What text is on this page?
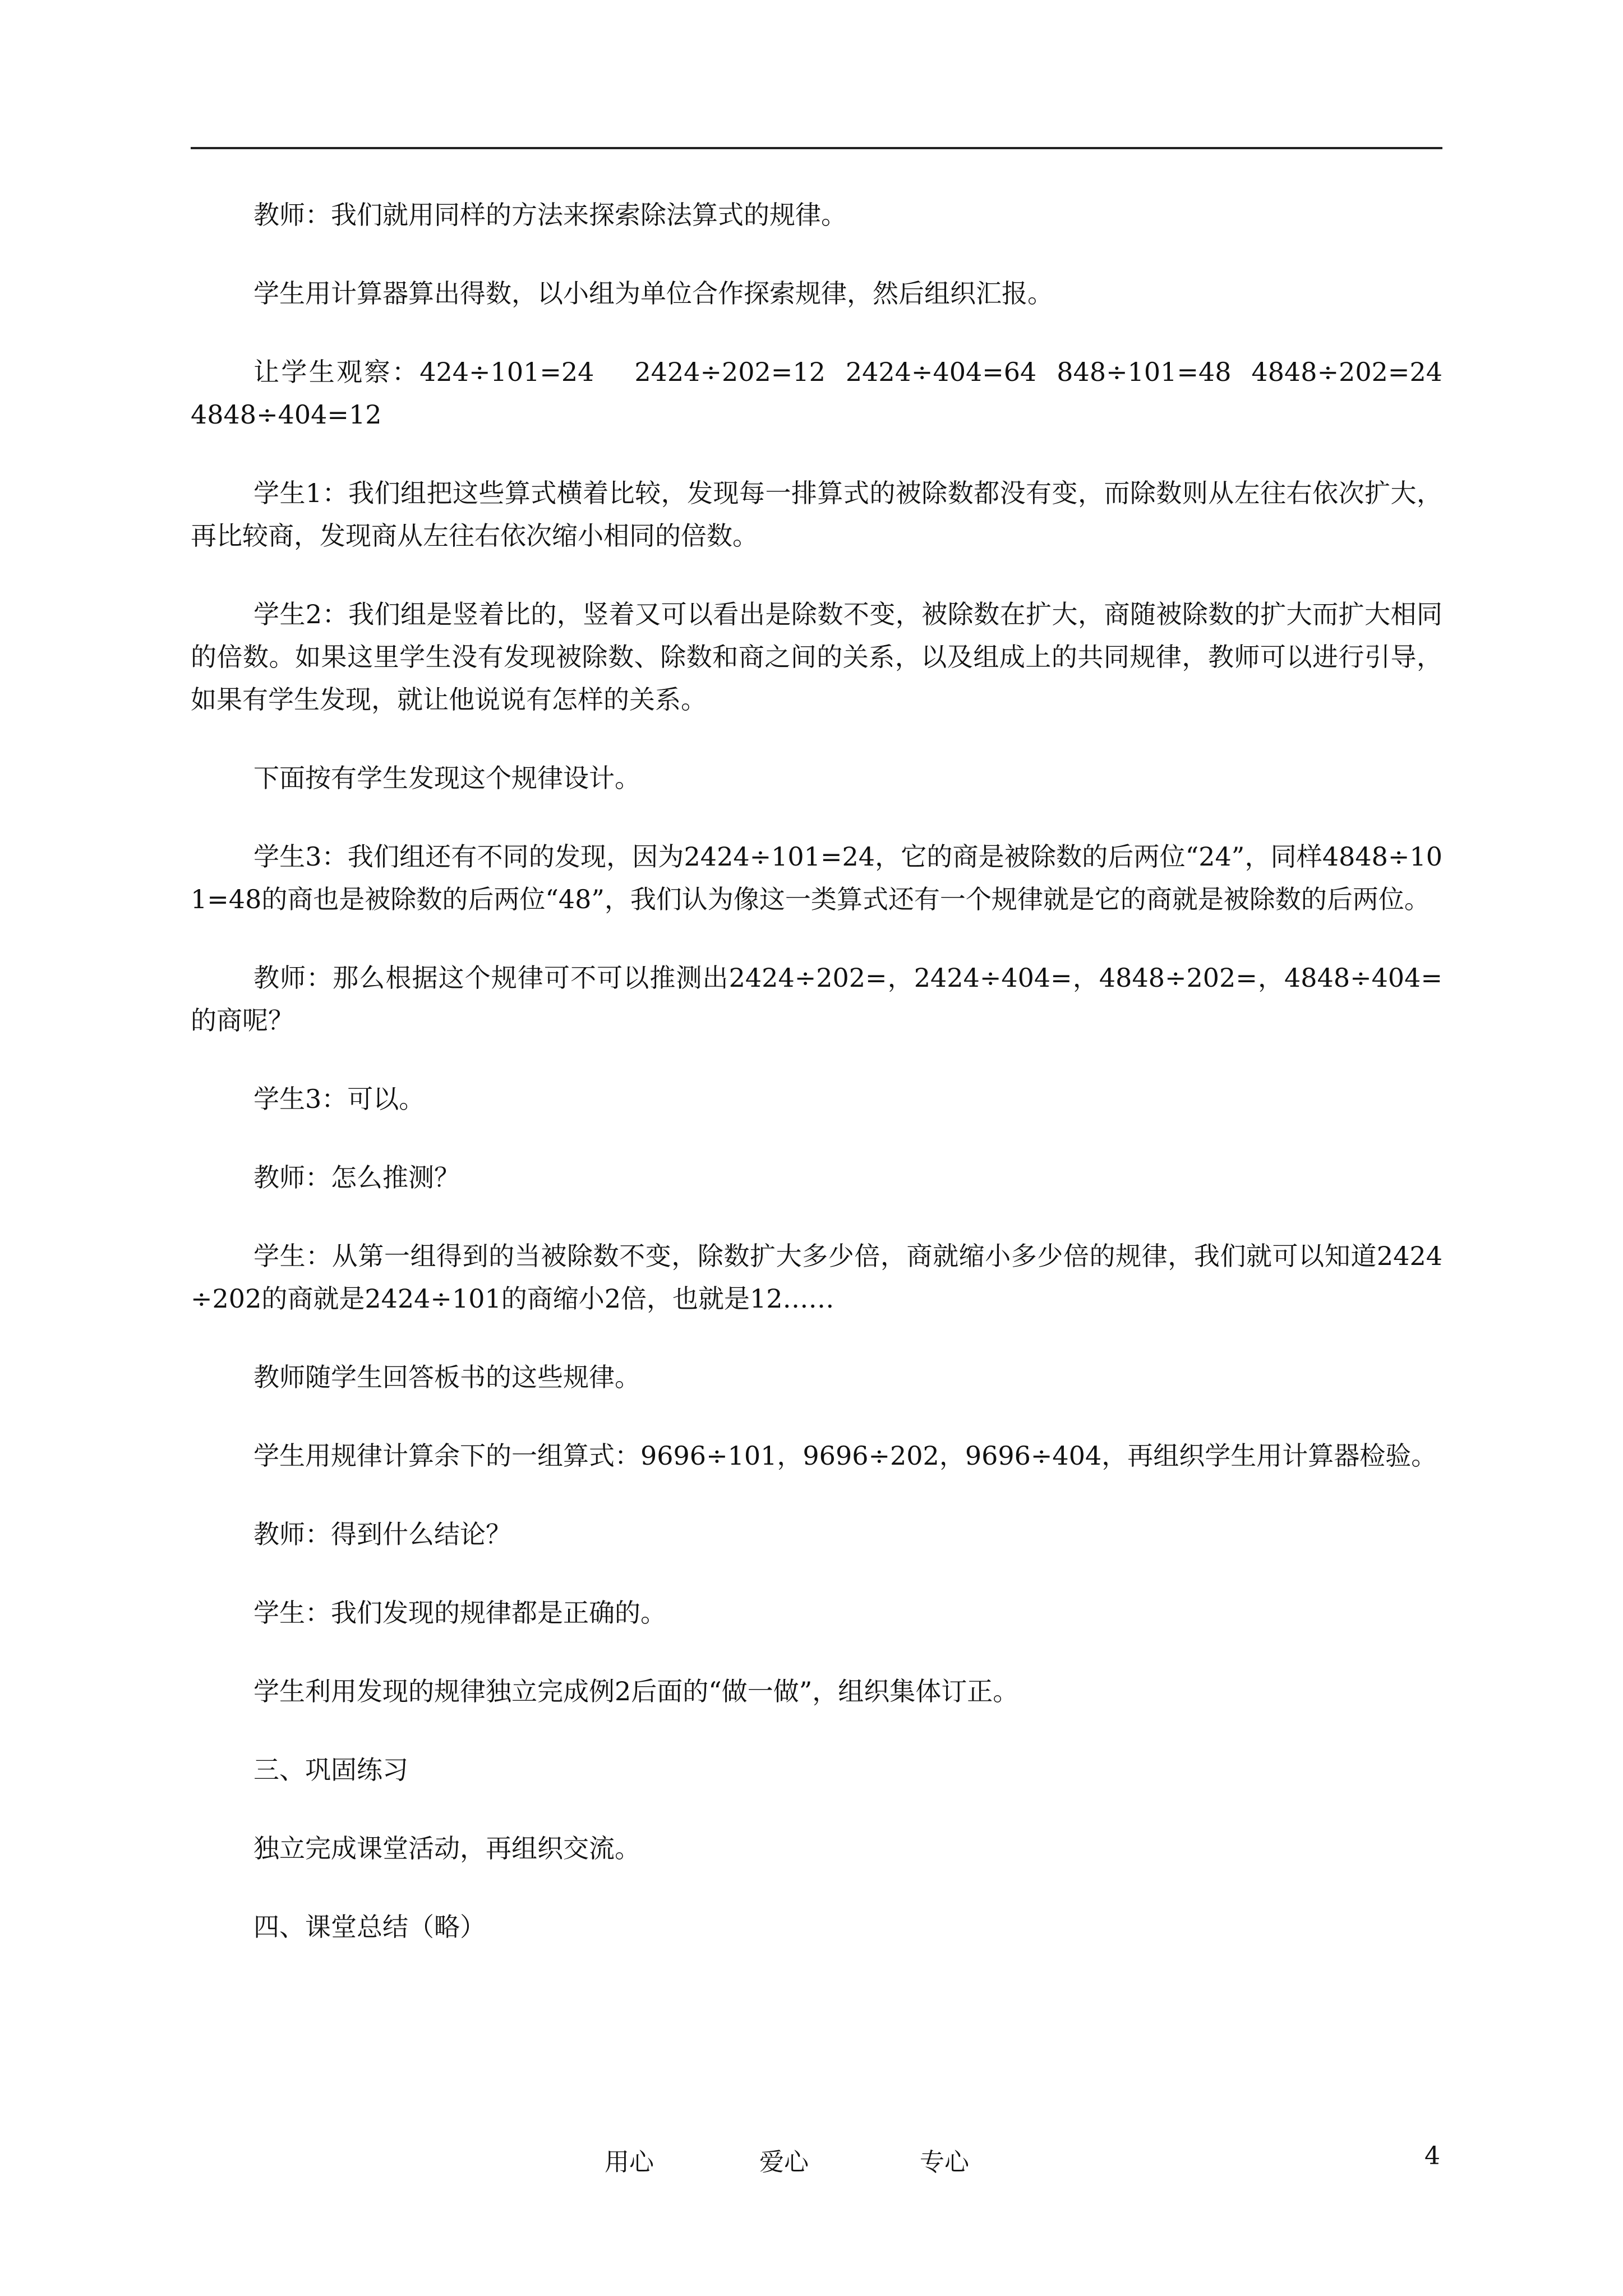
教师：我们就用同样的方法来探索除法算式的规律。

学生用计算器算出得数，以小组为单位合作探索规律，然后组织汇报。

让学生观察：424÷101=24    2424÷202=12  2424÷404=64  848÷101=48  4848÷202=24   4848÷404=12

学生1：我们组把这些算式横着比较，发现每一排算式的被除数都没有变，而除数则从左往右依次扩大，再比较商，发现商从左往右依次缩小相同的倍数。

学生2：我们组是竖着比的，竖着又可以看出是除数不变，被除数在扩大，商随被除数的扩大而扩大相同的倍数。如果这里学生没有发现被除数、除数和商之间的关系，以及组成上的共同规律，教师可以进行引导，如果有学生发现，就让他说说有怎样的关系。

下面按有学生发现这个规律设计。

学生3：我们组还有不同的发现，因为2424÷101=24，它的商是被除数的后两位“24”，同样4848÷101=48的商也是被除数的后两位“48”，我们认为像这一类算式还有一个规律就是它的商就是被除数的后两位。

教师：那么根据这个规律可不可以推测出2424÷202=，2424÷404=，4848÷202=，4848÷404=的商呢？

学生3：可以。

教师：怎么推测？

学生：从第一组得到的当被除数不变，除数扩大多少倍，商就缩小多少倍的规律，我们就可以知道2424÷202的商就是2424÷101的商缩小2倍，也就是12……

教师随学生回答板书的这些规律。

学生用规律计算余下的一组算式：9696÷101，9696÷202，9696÷404，再组织学生用计算器检验。

教师：得到什么结论？

学生：我们发现的规律都是正确的。

学生利用发现的规律独立完成例2后面的“做一做”，组织集体订正。

三、巩固练习

独立完成课堂活动，再组织交流。

四、课堂总结（略）

用心	爱心	专心	4
